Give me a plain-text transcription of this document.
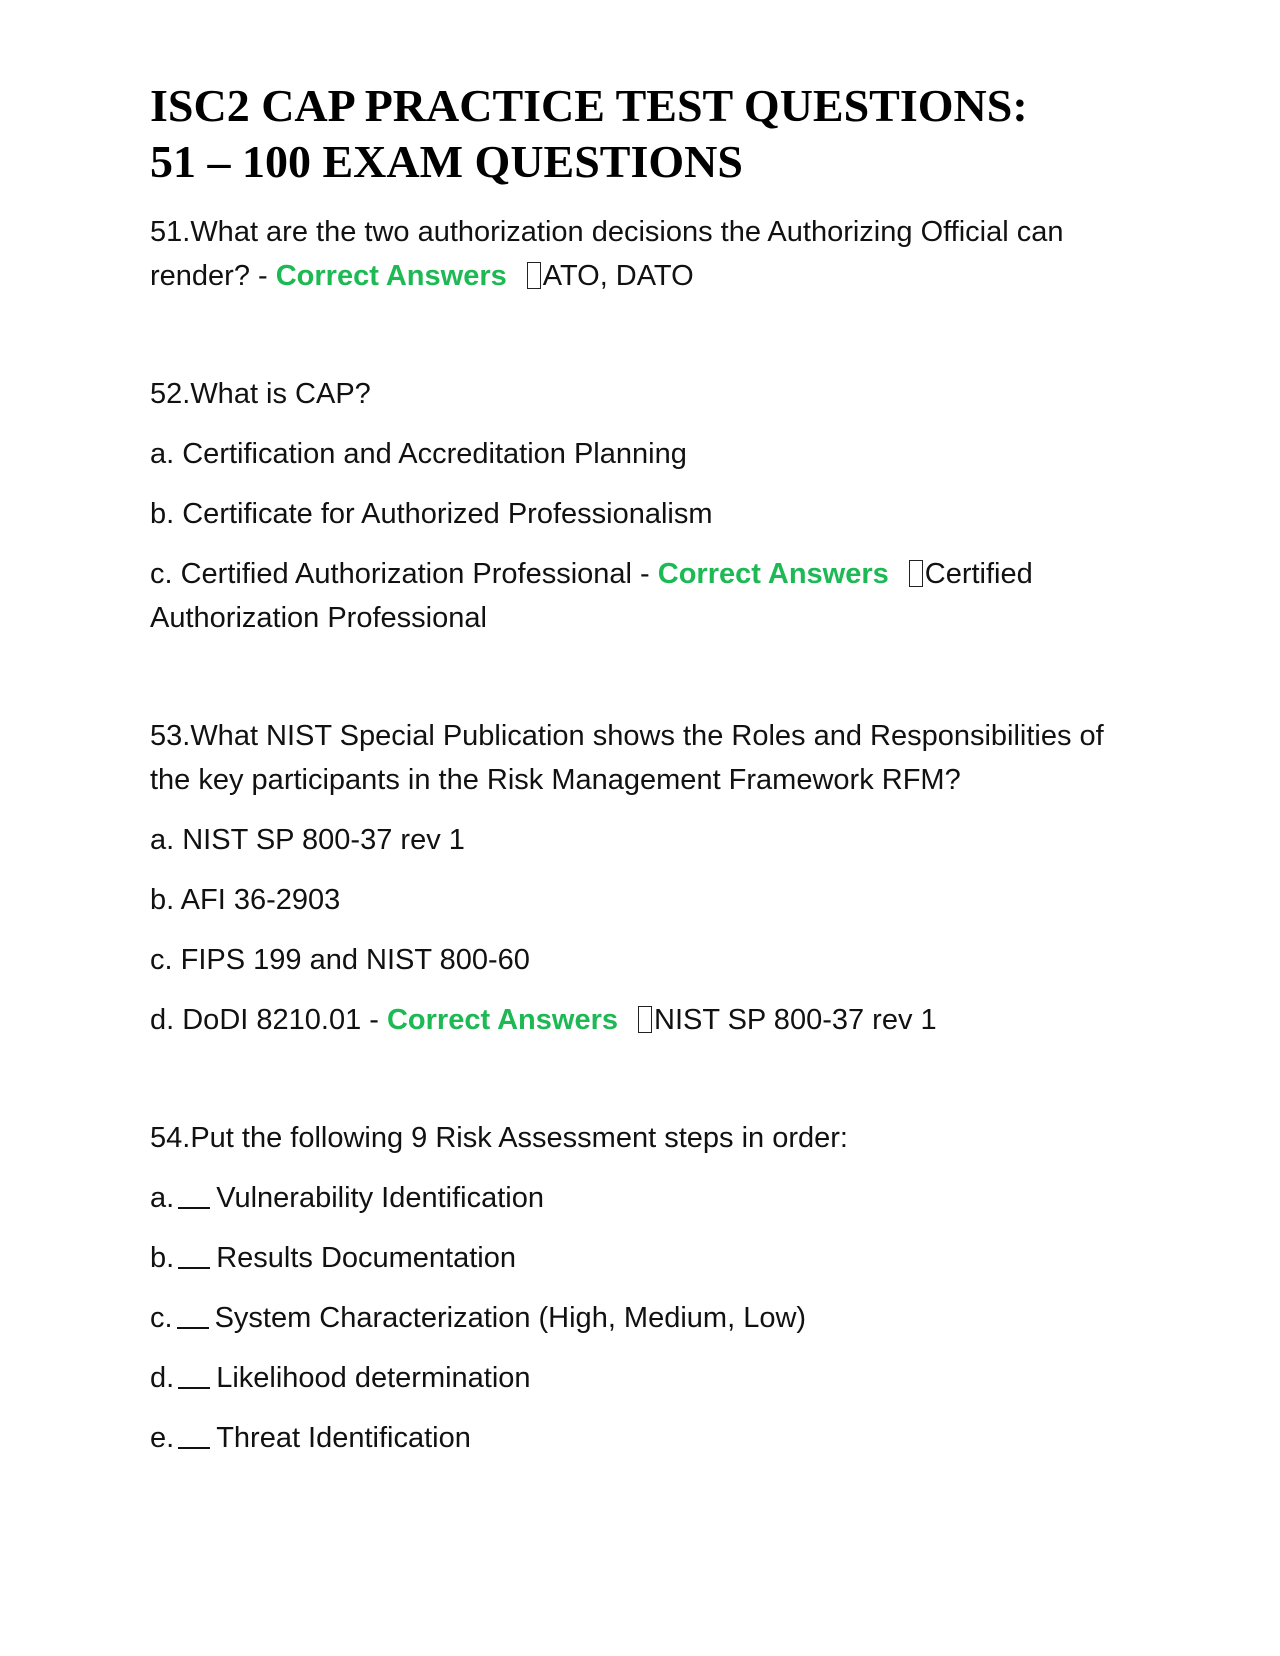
ISC2 CAP PRACTICE TEST QUESTIONS:
51 – 100 EXAM QUESTIONS

51.What are the two authorization decisions the Authorizing Official can render? - Correct Answers ATO, DATO

52.What is CAP?

a. Certification and Accreditation Planning

b. Certificate for Authorized Professionalism

c. Certified Authorization Professional - Correct Answers Certified Authorization Professional

53.What NIST Special Publication shows the Roles and Responsibilities of the key participants in the Risk Management Framework RFM?

a. NIST SP 800-37 rev 1

b. AFI 36-2903

c. FIPS 199 and NIST 800-60

d. DoDI 8210.01 - Correct Answers NIST SP 800-37 rev 1

54.Put the following 9 Risk Assessment steps in order:

a. Vulnerability Identification

b. Results Documentation

c. System Characterization (High, Medium, Low)

d. Likelihood determination

e. Threat Identification
